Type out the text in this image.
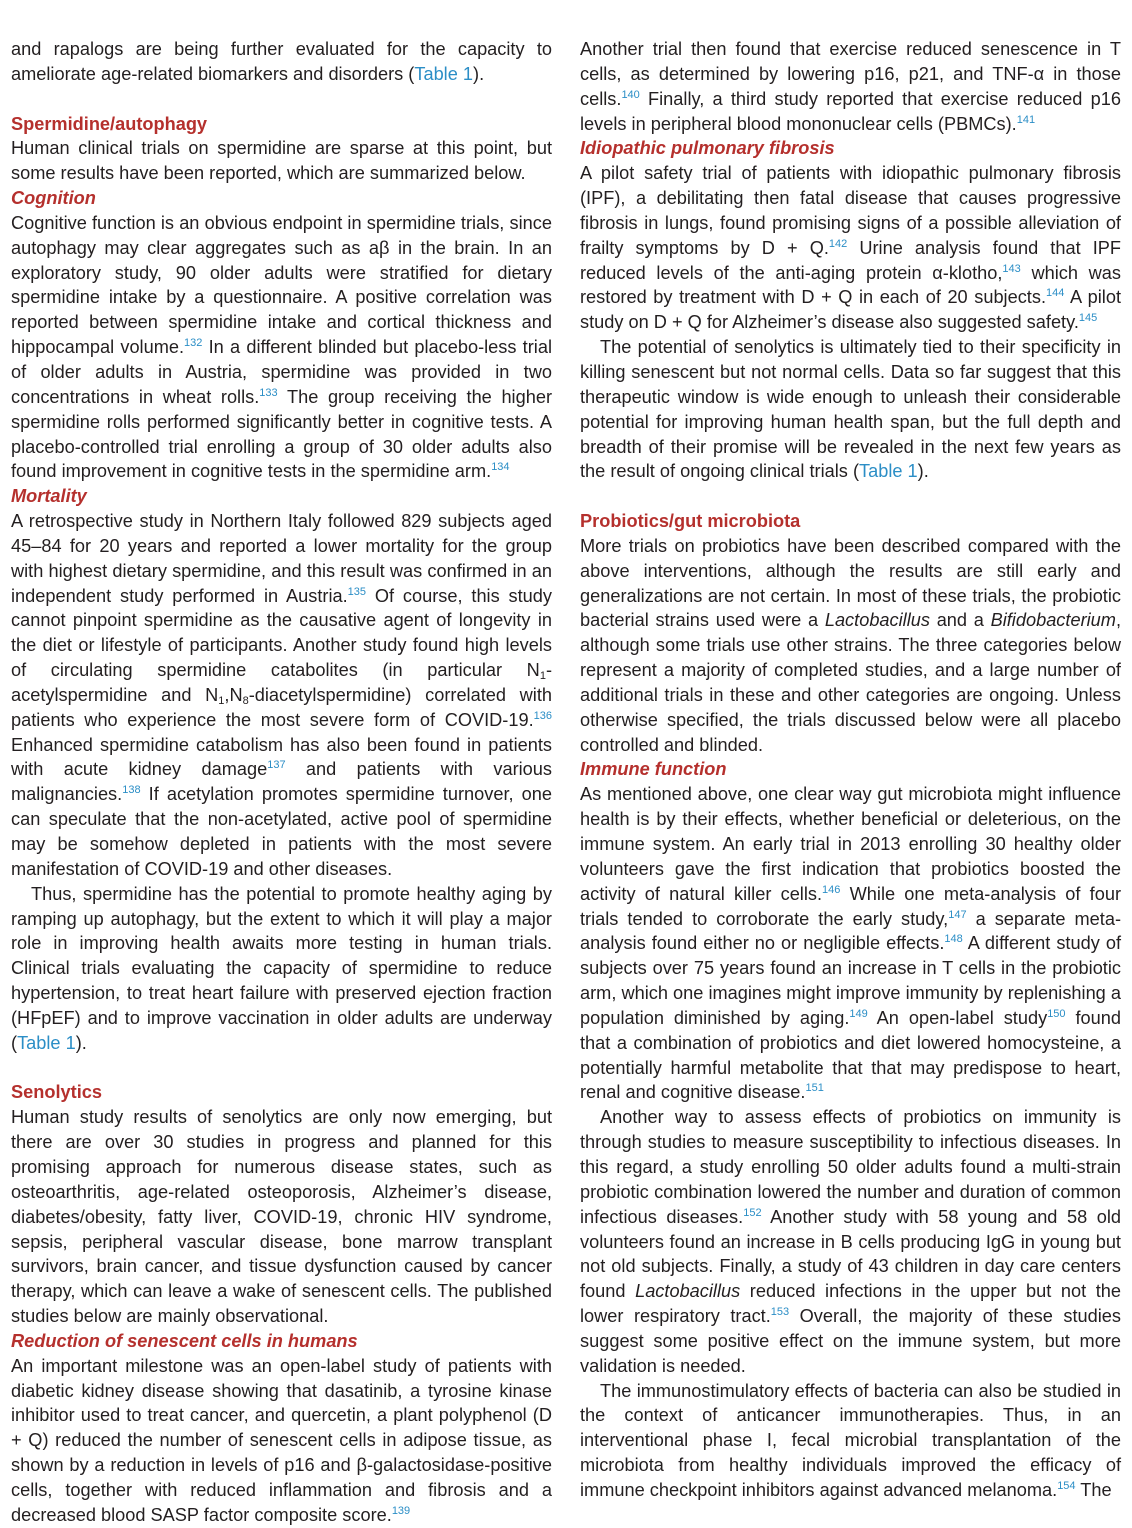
and rapalogs are being further evaluated for the capacity to ameliorate age-related biomarkers and disorders (Table 1).

Spermidine/autophagy

Human clinical trials on spermidine are sparse at this point, but some results have been reported, which are summarized below.

Cognition

Cognitive function is an obvious endpoint in spermidine trials, since autophagy may clear aggregates such as aβ in the brain. In an exploratory study, 90 older adults were stratified for dietary spermidine intake by a questionnaire. A positive correlation was reported between spermidine intake and cortical thickness and hippocampal volume.$^{132}$ In a different blinded but placebo-less trial of older adults in Austria, spermidine was provided in two concentrations in wheat rolls.$^{133}$ The group receiving the higher spermidine rolls performed significantly better in cognitive tests. A placebo-controlled trial enrolling a group of 30 older adults also found improvement in cognitive tests in the spermidine arm.$^{134}$

Mortality

A retrospective study in Northern Italy followed 829 subjects aged 45–84 for 20 years and reported a lower mortality for the group with highest dietary spermidine, and this result was confirmed in an independent study performed in Austria.$^{135}$ Of course, this study cannot pinpoint spermidine as the causative agent of longevity in the diet or lifestyle of participants. Another study found high levels of circulating spermidine catabolites (in particular $N_1$-acetylspermidine and $N_1,N_8-diacetylspermidine$) correlated with patients who experience the most severe form of COVID-19.$^{136}$ Enhanced spermidine catabolism has also been found in patients with acute kidney damage$^{137}$ and patients with various malignancies.$^{138}$ If acetylation promotes spermidine turnover, one can speculate that the non-acetylated, active pool of spermidine may be somehow depleted in patients with the most severe manifestation of COVID-19 and other diseases.

Thus, spermidine has the potential to promote healthy aging by ramping up autophagy, but the extent to which it will play a major role in improving health awaits more testing in human trials. Clinical trials evaluating the capacity of spermidine to reduce hypertension, to treat heart failure with preserved ejection fraction (HFpEF) and to improve vaccination in older adults are underway (Table 1).

Senolytics

Human study results of senolytics are only now emerging, but there are over 30 studies in progress and planned for this promising approach for numerous disease states, such as osteoarthritis, age-related osteoporosis, Alzheimer’s disease, diabetes/obesity, fatty liver, COVID-19, chronic HIV syndrome, sepsis, peripheral vascular disease, bone marrow transplant survivors, brain cancer, and tissue dysfunction caused by cancer therapy, which can leave a wake of senescent cells. The published studies below are mainly observational.

Reduction of senescent cells in humans

An important milestone was an open-label study of patients with diabetic kidney disease showing that dasatinib, a tyrosine kinase inhibitor used to treat cancer, and quercetin, a plant polyphenol (D + Q) reduced the number of senescent cells in adipose tissue, as shown by a reduction in levels of p16 and β-galactosidase-positive cells, together with reduced inflammation and fibrosis and a decreased blood SASP factor composite score.$^{139}$

Another trial then found that exercise reduced senescence in T cells, as determined by lowering p16, p21, and TNF-α in those cells.$^{140}$ Finally, a third study reported that exercise reduced p16 levels in peripheral blood mononuclear cells (PBMCs).$^{141}$

Idiopathic pulmonary fibrosis

A pilot safety trial of patients with idiopathic pulmonary fibrosis (IPF), a debilitating then fatal disease that causes progressive fibrosis in lungs, found promising signs of a possible alleviation of frailty symptoms by D + Q.$^{142}$ Urine analysis found that IPF reduced levels of the anti-aging protein α-klotho,$^{143}$ which was restored by treatment with D + Q in each of 20 subjects.$^{144}$ A pilot study on D + Q for Alzheimer’s disease also suggested safety.$^{145}$

The potential of senolytics is ultimately tied to their specificity in killing senescent but not normal cells. Data so far suggest that this therapeutic window is wide enough to unleash their considerable potential for improving human health span, but the full depth and breadth of their promise will be revealed in the next few years as the result of ongoing clinical trials (Table 1).

Probiotics/gut microbiota

More trials on probiotics have been described compared with the above interventions, although the results are still early and generalizations are not certain. In most of these trials, the probiotic bacterial strains used were a Lactobacillus and a Bifidobacterium, although some trials use other strains. The three categories below represent a majority of completed studies, and a large number of additional trials in these and other categories are ongoing. Unless otherwise specified, the trials discussed below were all placebo controlled and blinded.

Immune function

As mentioned above, one clear way gut microbiota might influence health is by their effects, whether beneficial or deleterious, on the immune system. An early trial in 2013 enrolling 30 healthy older volunteers gave the first indication that probiotics boosted the activity of natural killer cells.$^{146}$ While one meta-analysis of four trials tended to corroborate the early study,$^{147}$ a separate meta-analysis found either no or negligible effects.$^{148}$ A different study of subjects over 75 years found an increase in T cells in the probiotic arm, which one imagines might improve immunity by replenishing a population diminished by aging.$^{149}$ An open-label study$^{150}$ found that a combination of probiotics and diet lowered homocysteine, a potentially harmful metabolite that that may predispose to heart, renal and cognitive disease.$^{151}$

Another way to assess effects of probiotics on immunity is through studies to measure susceptibility to infectious diseases. In this regard, a study enrolling 50 older adults found a multi-strain probiotic combination lowered the number and duration of common infectious diseases.$^{152}$ Another study with 58 young and 58 old volunteers found an increase in B cells producing IgG in young but not old subjects. Finally, a study of 43 children in day care centers found Lactobacillus reduced infections in the upper but not the lower respiratory tract.$^{153}$ Overall, the majority of these studies suggest some positive effect on the immune system, but more validation is needed.

The immunostimulatory effects of bacteria can also be studied in the context of anticancer immunotherapies. Thus, in an interventional phase I, fecal microbial transplantation of the microbiota from healthy individuals improved the efficacy of immune checkpoint inhibitors against advanced melanoma.$^{154}$ The
